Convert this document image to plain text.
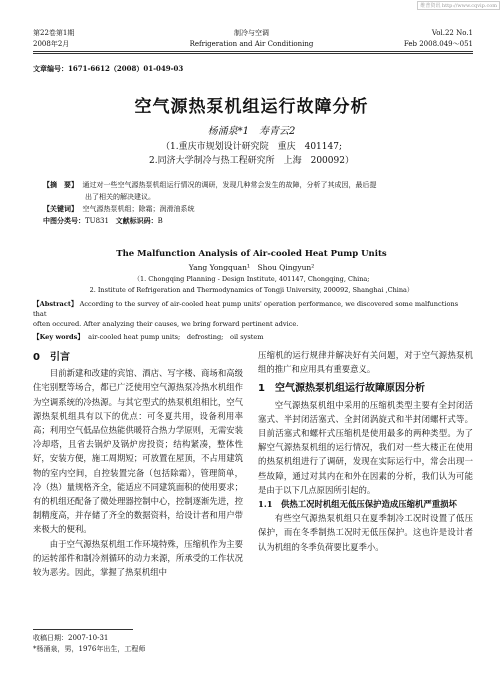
维普资讯 http://www.cqvip.com
第22卷第1期
2008年2月
制冷与空调
Refrigeration and Air Conditioning
Vol.22 No.1
Feb 2008.049～051
文章编号：1671-6612（2008）01-049-03
空气源热泵机组运行故障分析
杨涌泉*1　寿青云2
（1.重庆市规划设计研究院　重庆　401147;
2.同济大学制冷与热工程研究所　上海　200092）
【摘　要】 通过对一些空气源热泵机组运行情况的调研，发现几种常会发生的故障，分析了其成因，最后提
出了相关的解决建议。
【关键词】 空气源热泵机组；除霜；润滑油系统
中图分类号：TU831 文献标识码：B
The Malfunction Analysis of Air-cooled Heat Pump Units
Yang Yongquan¹　Shou Qingyun²
（1. Chongqing Planning - Design Institute, 401147, Chongqing, China;
2. Institute of Refrigeration and Thermodynamics of Tongji University, 200092, Shanghai ,China）
【Abstract】 According to the survey of air-cooled heat pump units' operation performance, we discovered some malfunctions that
often occured. After analyzing their causes, we bring forward pertinent advice.
【Key words】 air-cooled heat pump units;　defrosting;　oil system
0　引言

目前新建和改建的宾馆、酒店、写字楼、商场和高级住宅别墅等场合，都已广泛使用空气源热泵冷热水机组作为空调系统的冷热源。与其它型式的热泵机组相比，空气源热泵机组具有以下的优点：可冬夏共用，设备利用率高；利用空气低品位热能供暖符合热力学原则，无需安装冷却塔，且省去锅炉及锅炉房投资；结构紧凑，整体性好，安装方便，施工周期短；可放置在屋顶，不占用建筑物的室内空间，自控装置完备（包括除霜），管理简单，冷（热）量规格齐全，能适应不同建筑面积的使用要求；有的机组还配备了微处理器控制中心，控制逐渐先进，控制精度高，并存储了齐全的数据资料，给设计者和用户带来极大的便利。

由于空气源热泵机组工作环境特殊，压缩机作为主要的运转部件和制冷剂循环的动力来源，所承受的工作状况较为恶劣。因此，掌握了热泵机组中

压缩机的运行规律并解决好有关问题，对于空气源热泵机组的推广和应用具有重要意义。

1　空气源热泵机组运行故障原因分析

空气源热泵机组中采用的压缩机类型主要有全封闭活塞式、半封闭活塞式、全封闭涡旋式和半封闭螺杆式等。目前活塞式和螺杆式压缩机是使用最多的两种类型。为了解空气源热泵机组的运行情况，我们对一些大楼正在使用的热泵机组进行了调研，发现在实际运行中，常会出现一些故障，通过对其内在和外在因素的分析，我们认为可能是由于以下几点原因所引起的。

1.1　供热工况时机组无低压保护造成压缩机严重损坏

有些空气源热泵机组只在夏季制冷工况时设置了低压保护，而在冬季制热工况时无低压保护。这也许是设计者认为机组的冬季负荷要比夏季小。

收稿日期：2007-10-31
*杨涌泉，男，1976年出生，工程师
